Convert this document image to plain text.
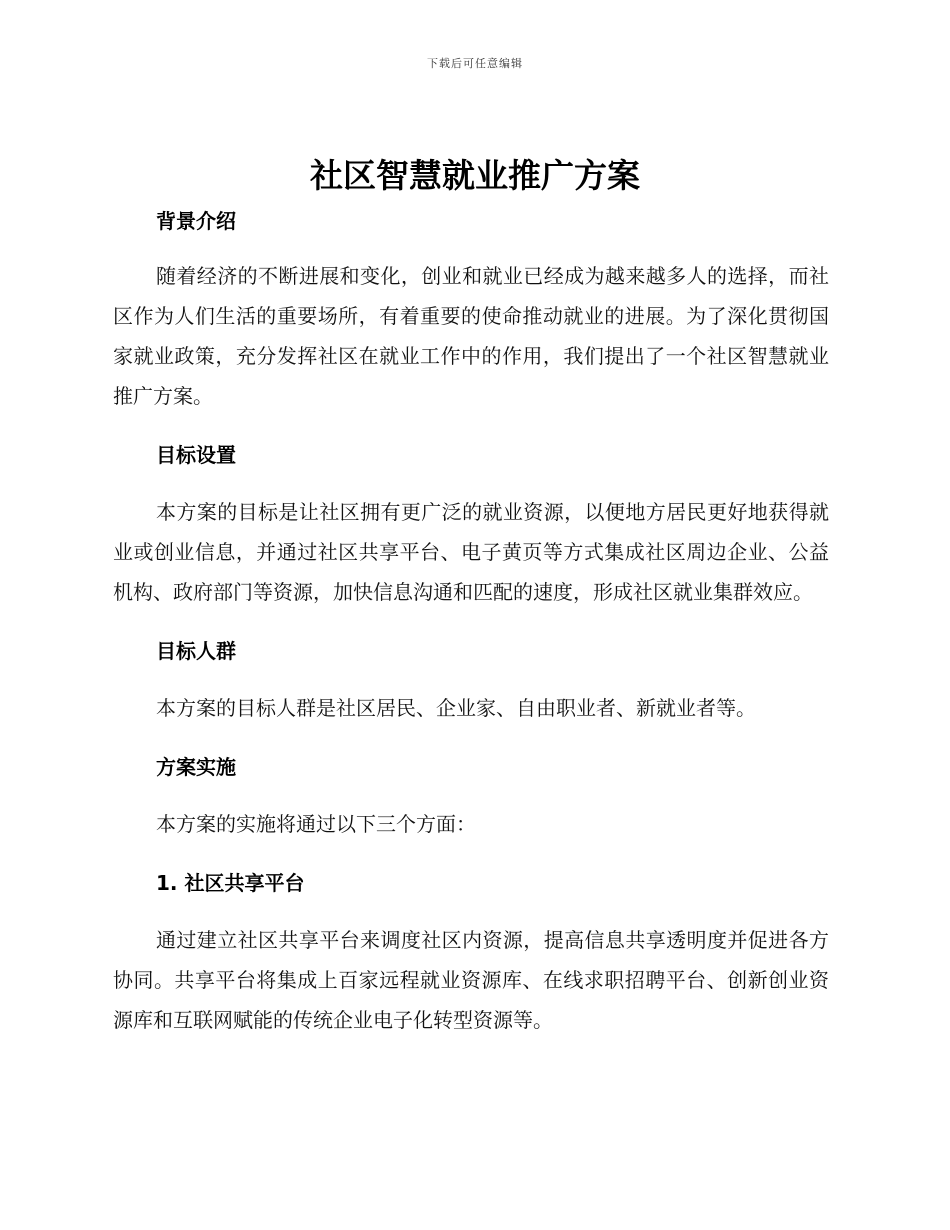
下载后可任意编辑
社区智慧就业推广方案
背景介绍

随着经济的不断进展和变化，创业和就业已经成为越来越多人的选择，而社区作为人们生活的重要场所，有着重要的使命推动就业的进展。为了深化贯彻国家就业政策，充分发挥社区在就业工作中的作用，我们提出了一个社区智慧就业推广方案。

目标设置

本方案的目标是让社区拥有更广泛的就业资源，以便地方居民更好地获得就业或创业信息，并通过社区共享平台、电子黄页等方式集成社区周边企业、公益机构、政府部门等资源，加快信息沟通和匹配的速度，形成社区就业集群效应。

目标人群

本方案的目标人群是社区居民、企业家、自由职业者、新就业者等。

方案实施

本方案的实施将通过以下三个方面：

1. 社区共享平台

通过建立社区共享平台来调度社区内资源，提高信息共享透明度并促进各方协同。共享平台将集成上百家远程就业资源库、在线求职招聘平台、创新创业资源库和互联网赋能的传统企业电子化转型资源等。
